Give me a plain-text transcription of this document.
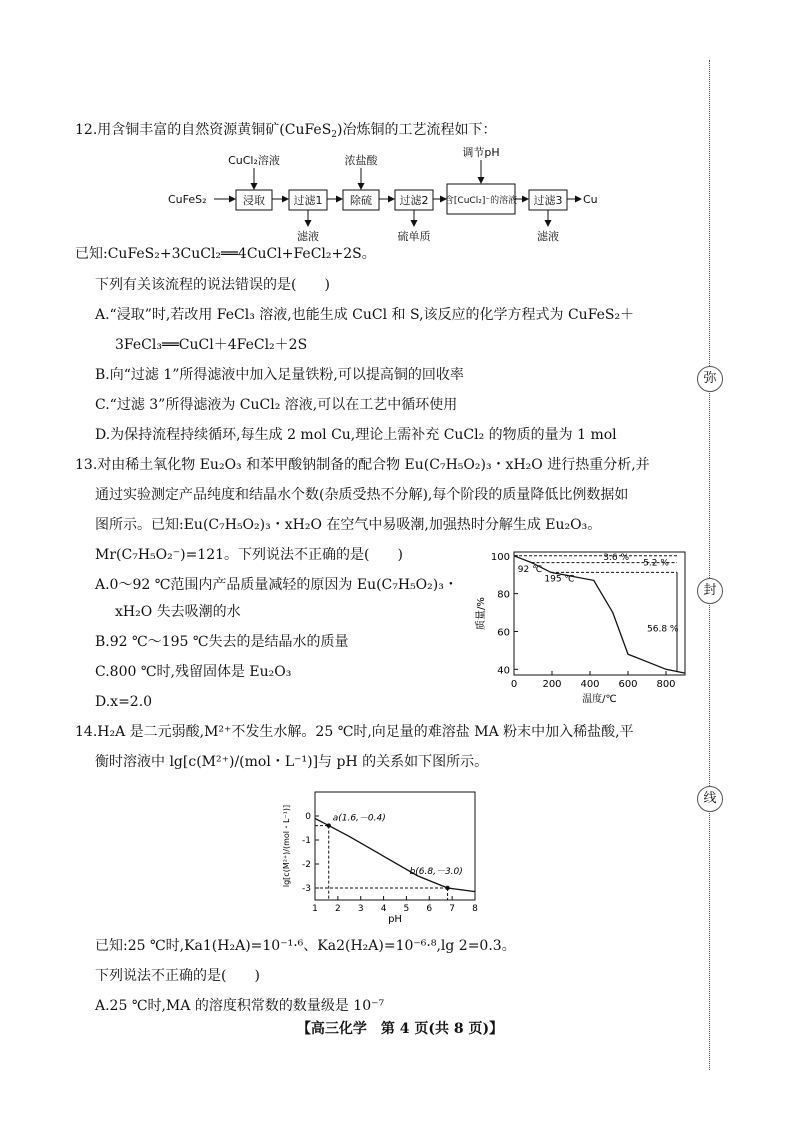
弥
封
线
12.用含铜丰富的自然资源黄铜矿(CuFeS$_2$)冶炼铜的工艺流程如下：
CuFeS₂	浸取	过滤1	除硫	过滤2 含[CuCl₂]⁻的溶液 过滤3 Cu
CuCl₂溶液	浓盐酸
调节pH
滤液	硫单质	滤液
已知:CuFeS₂+3CuCl₂══4CuCl+FeCl₂+2S。
下列有关该流程的说法错误的是(　　)
A.“浸取”时,若改用 FeCl₃ 溶液,也能生成 CuCl 和 S,该反应的化学方程式为 CuFeS₂＋
3FeCl₃══CuCl＋4FeCl₂＋2S
B.向“过滤 1”所得滤液中加入足量铁粉,可以提高铜的回收率
C.“过滤 3”所得滤液为 CuCl₂ 溶液,可以在工艺中循环使用
D.为保持流程持续循环,每生成 2 mol Cu,理论上需补充 CuCl₂ 的物质的量为 1 mol
13.对由稀土氧化物 Eu₂O₃ 和苯甲酸钠制备的配合物 Eu(C₇H₅O₂)₃・xH₂O 进行热重分析,并
通过实验测定产品纯度和结晶水个数(杂质受热不分解),每个阶段的质量降低比例数据如
图所示。已知:Eu(C₇H₅O₂)₃・xH₂O 在空气中易吸潮,加强热时分解生成 Eu₂O₃。
Mr(C₇H₅O₂⁻)=121。下列说法不正确的是(　　)
A.0～92 ℃范围内产品质量减轻的原因为 Eu(C₇H₅O₂)₃・
xH₂O 失去吸潮的水
B.92 ℃～195 ℃失去的是结晶水的质量
C.800 ℃时,残留固体是 Eu₂O₃
D.x=2.0
0	200 400 600 800
40
60
80
100
温度/℃
质量/%
3.6 %
5.2 %
56.8 %
92 ℃
195 ℃
14.H₂A 是二元弱酸,M²⁺不发生水解。25 ℃时,向足量的难溶盐 MA 粉末中加入稀盐酸,平
衡时溶液中 lg[c(M²⁺)/(mol・L⁻¹)]与 pH 的关系如下图所示。
1 2 3 4 5 6 7 8
0
-1
-2
-3
pH
lg[c(M²⁺)/(mol・L⁻¹)]	a(1.6,－0.4)
b(6.8,－3.0)
已知:25 ℃时,Ka1(H₂A)=10⁻¹·⁶、Ka2(H₂A)=10⁻⁶·⁸,lg 2=0.3。
下列说法不正确的是(　　)
A.25 ℃时,MA 的溶度积常数的数量级是 10⁻⁷
【高三化学　第 4 页(共 8 页)】
